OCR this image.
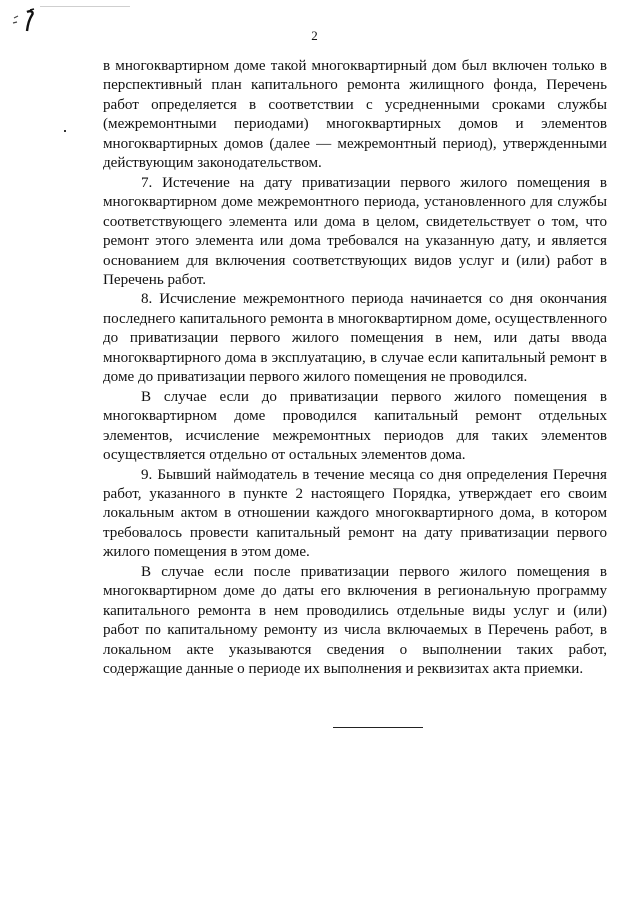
2

в многоквартирном доме такой многоквартирный дом был включен только в перспективный план капитального ремонта жилищного фонда, Перечень работ определяется в соответствии с усредненными сроками службы (межремонтными периодами) многоквартирных домов и элементов многоквартирных домов (далее — межремонтный период), утвержденными действующим законодательством.

7. Истечение на дату приватизации первого жилого помещения в многоквартирном доме межремонтного периода, установленного для службы соответствующего элемента или дома в целом, свидетельствует о том, что ремонт этого элемента или дома требовался на указанную дату, и является основанием для включения соответствующих видов услуг и (или) работ в Перечень работ.

8. Исчисление межремонтного периода начинается со дня окончания последнего капитального ремонта в многоквартирном доме, осуществленного до приватизации первого жилого помещения в нем, или даты ввода многоквартирного дома в эксплуатацию, в случае если капитальный ремонт в доме до приватизации первого жилого помещения не проводился.

В случае если до приватизации первого жилого помещения в многоквартирном доме проводился капитальный ремонт отдельных элементов, исчисление межремонтных периодов для таких элементов осуществляется отдельно от остальных элементов дома.

9. Бывший наймодатель в течение месяца со дня определения Перечня работ, указанного в пункте 2 настоящего Порядка, утверждает его своим локальным актом в отношении каждого многоквартирного дома, в котором требовалось провести капитальный ремонт на дату приватизации первого жилого помещения в этом доме.

В случае если после приватизации первого жилого помещения в многоквартирном доме до даты его включения в региональную программу капитального ремонта в нем проводились отдельные виды услуг и (или) работ по капитальному ремонту из числа включаемых в Перечень работ, в локальном акте указываются сведения о выполнении таких работ, содержащие данные о периоде их выполнения и реквизитах акта приемки.
